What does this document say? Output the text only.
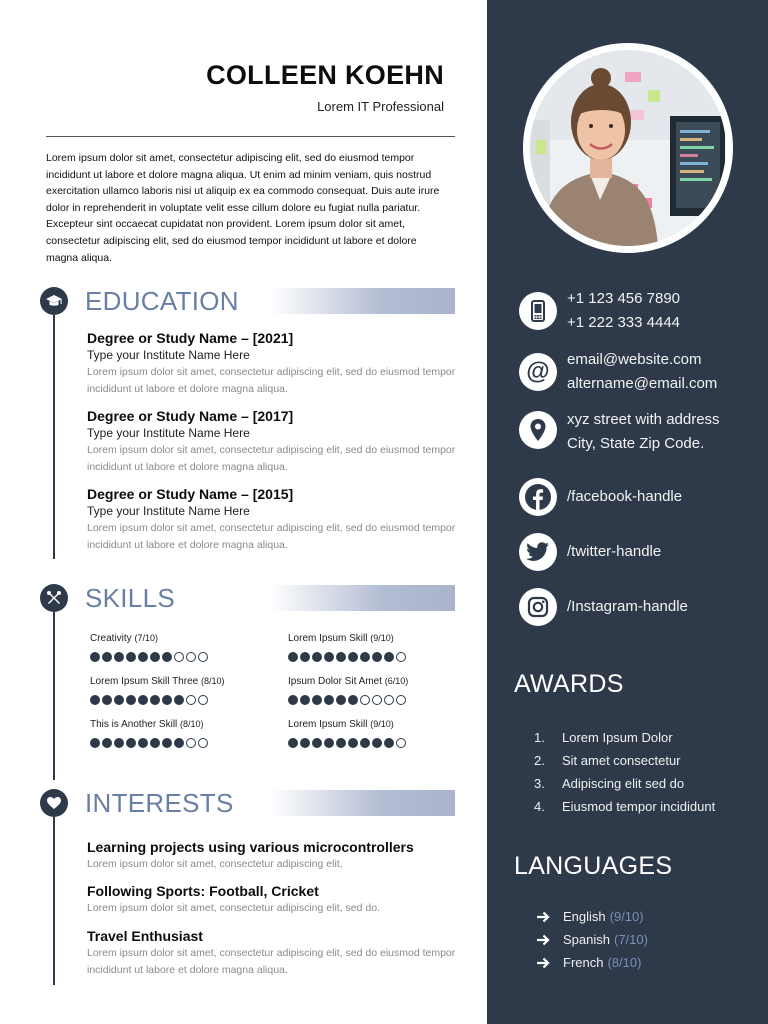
COLLEEN KOEHN
Lorem IT Professional
Lorem ipsum dolor sit amet, consectetur adipiscing elit, sed do eiusmod tempor incididunt ut labore et dolore magna aliqua. Ut enim ad minim veniam, quis nostrud exercitation ullamco laboris nisi ut aliquip ex ea commodo consequat. Duis aute irure dolor in reprehenderit in voluptate velit esse cillum dolore eu fugiat nulla pariatur. Excepteur sint occaecat cupidatat non provident. Lorem ipsum dolor sit amet, consectetur adipiscing elit, sed do eiusmod tempor incididunt ut labore et dolore magna aliqua.
EDUCATION
Degree or Study Name – [2021]
Type your Institute Name Here
Lorem ipsum dolor sit amet, consectetur adipiscing elit, sed do eiusmod tempor incididunt ut labore et dolore magna aliqua.
Degree or Study Name – [2017]
Type your Institute Name Here
Lorem ipsum dolor sit amet, consectetur adipiscing elit, sed do eiusmod tempor incididunt ut labore et dolore magna aliqua.
Degree or Study Name – [2015]
Type your Institute Name Here
Lorem ipsum dolor sit amet, consectetur adipiscing elit, sed do eiusmod tempor incididunt ut labore et dolore magna aliqua.
SKILLS
Creativity (7/10)	Lorem Ipsum Skill (9/10)
Lorem Ipsum Skill Three (8/10)	Ipsum Dolor Sit Amet (6/10)
This is Another Skill (8/10)	Lorem Ipsum Skill (9/10)
INTERESTS
Learning projects using various microcontrollers
Lorem ipsum dolor sit amet, consectetur adipiscing elit,
Following Sports: Football, Cricket
Lorem ipsum dolor sit amet, consectetur adipiscing elit, sed do.
Travel Enthusiast
Lorem ipsum dolor sit amet, consectetur adipiscing elit, sed do eiusmod tempor incididunt ut labore et dolore magna aliqua.
+1 123 456 7890
+1 222 333 4444
@ email@website.com
altername@email.com
xyz street with address
City, State Zip Code.
/facebook-handle
/twitter-handle
/Instagram-handle
AWARDS
1.	Lorem Ipsum Dolor
2.	Sit amet consectetur
3.	Adipiscing elit sed do
4.	Eiusmod tempor incididunt
LANGUAGES
English (9/10)
Spanish (7/10)
French (8/10)
